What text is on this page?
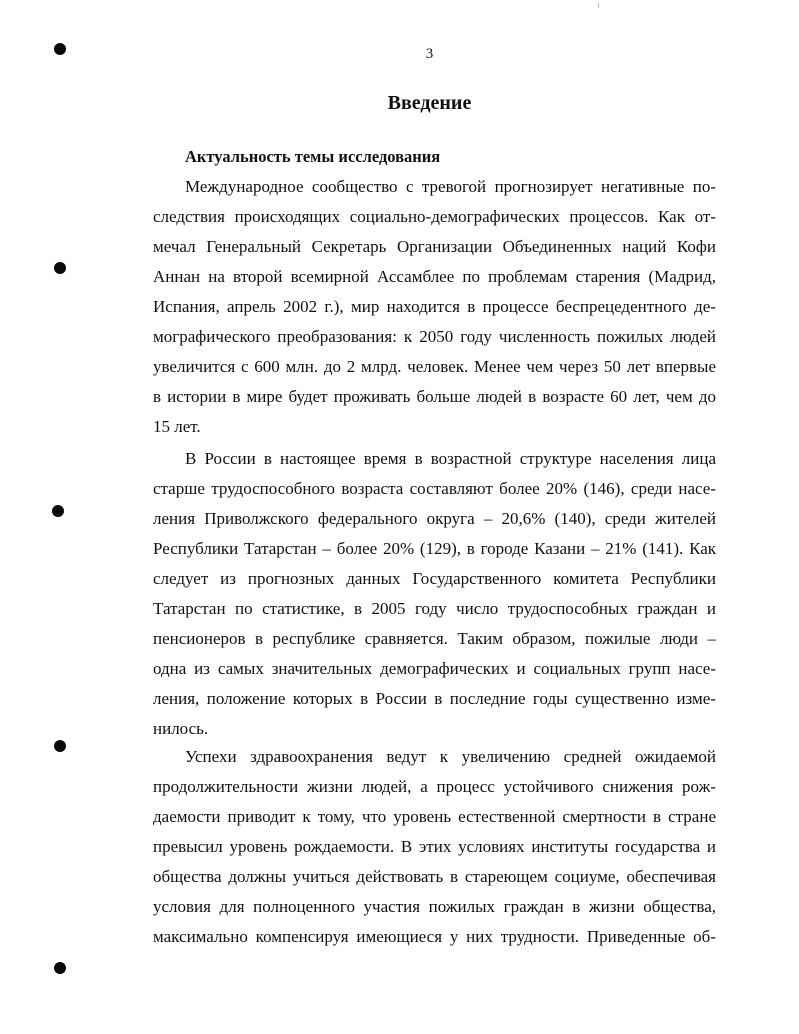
3
Введение
Актуальность темы исследования
Международное сообщество с тревогой прогнозирует негативные по-
следствия происходящих социально-демографических процессов. Как от-
мечал Генеральный Секретарь Организации Объединенных наций Кофи
Аннан на второй всемирной Ассамблее по проблемам старения (Мадрид,
Испания, апрель 2002 г.), мир находится в процессе беспрецедентного де-
мографического преобразования: к 2050 году численность пожилых людей
увеличится с 600 млн. до 2 млрд. человек. Менее чем через 50 лет впервые
в истории в мире будет проживать больше людей в возрасте 60 лет, чем до
15 лет.
В России в настоящее время в возрастной структуре населения лица
старше трудоспособного возраста составляют более 20% (146), среди насе-
ления Приволжского федерального округа – 20,6% (140), среди жителей
Республики Татарстан – более 20% (129), в городе Казани – 21% (141). Как
следует из прогнозных данных Государственного комитета Республики
Татарстан по статистике, в 2005 году число трудоспособных граждан и
пенсионеров в республике сравняется. Таким образом, пожилые люди –
одна из самых значительных демографических и социальных групп насе-
ления, положение которых в России в последние годы существенно изме-
нилось.
Успехи здравоохранения ведут к увеличению средней ожидаемой
продолжительности жизни людей, а процесс устойчивого снижения рож-
даемости приводит к тому, что уровень естественной смертности в стране
превысил уровень рождаемости. В этих условиях институты государства и
общества должны учиться действовать в стареющем социуме, обеспечивая
условия для полноценного участия пожилых граждан в жизни общества,
максимально компенсируя имеющиеся у них трудности. Приведенные об-
